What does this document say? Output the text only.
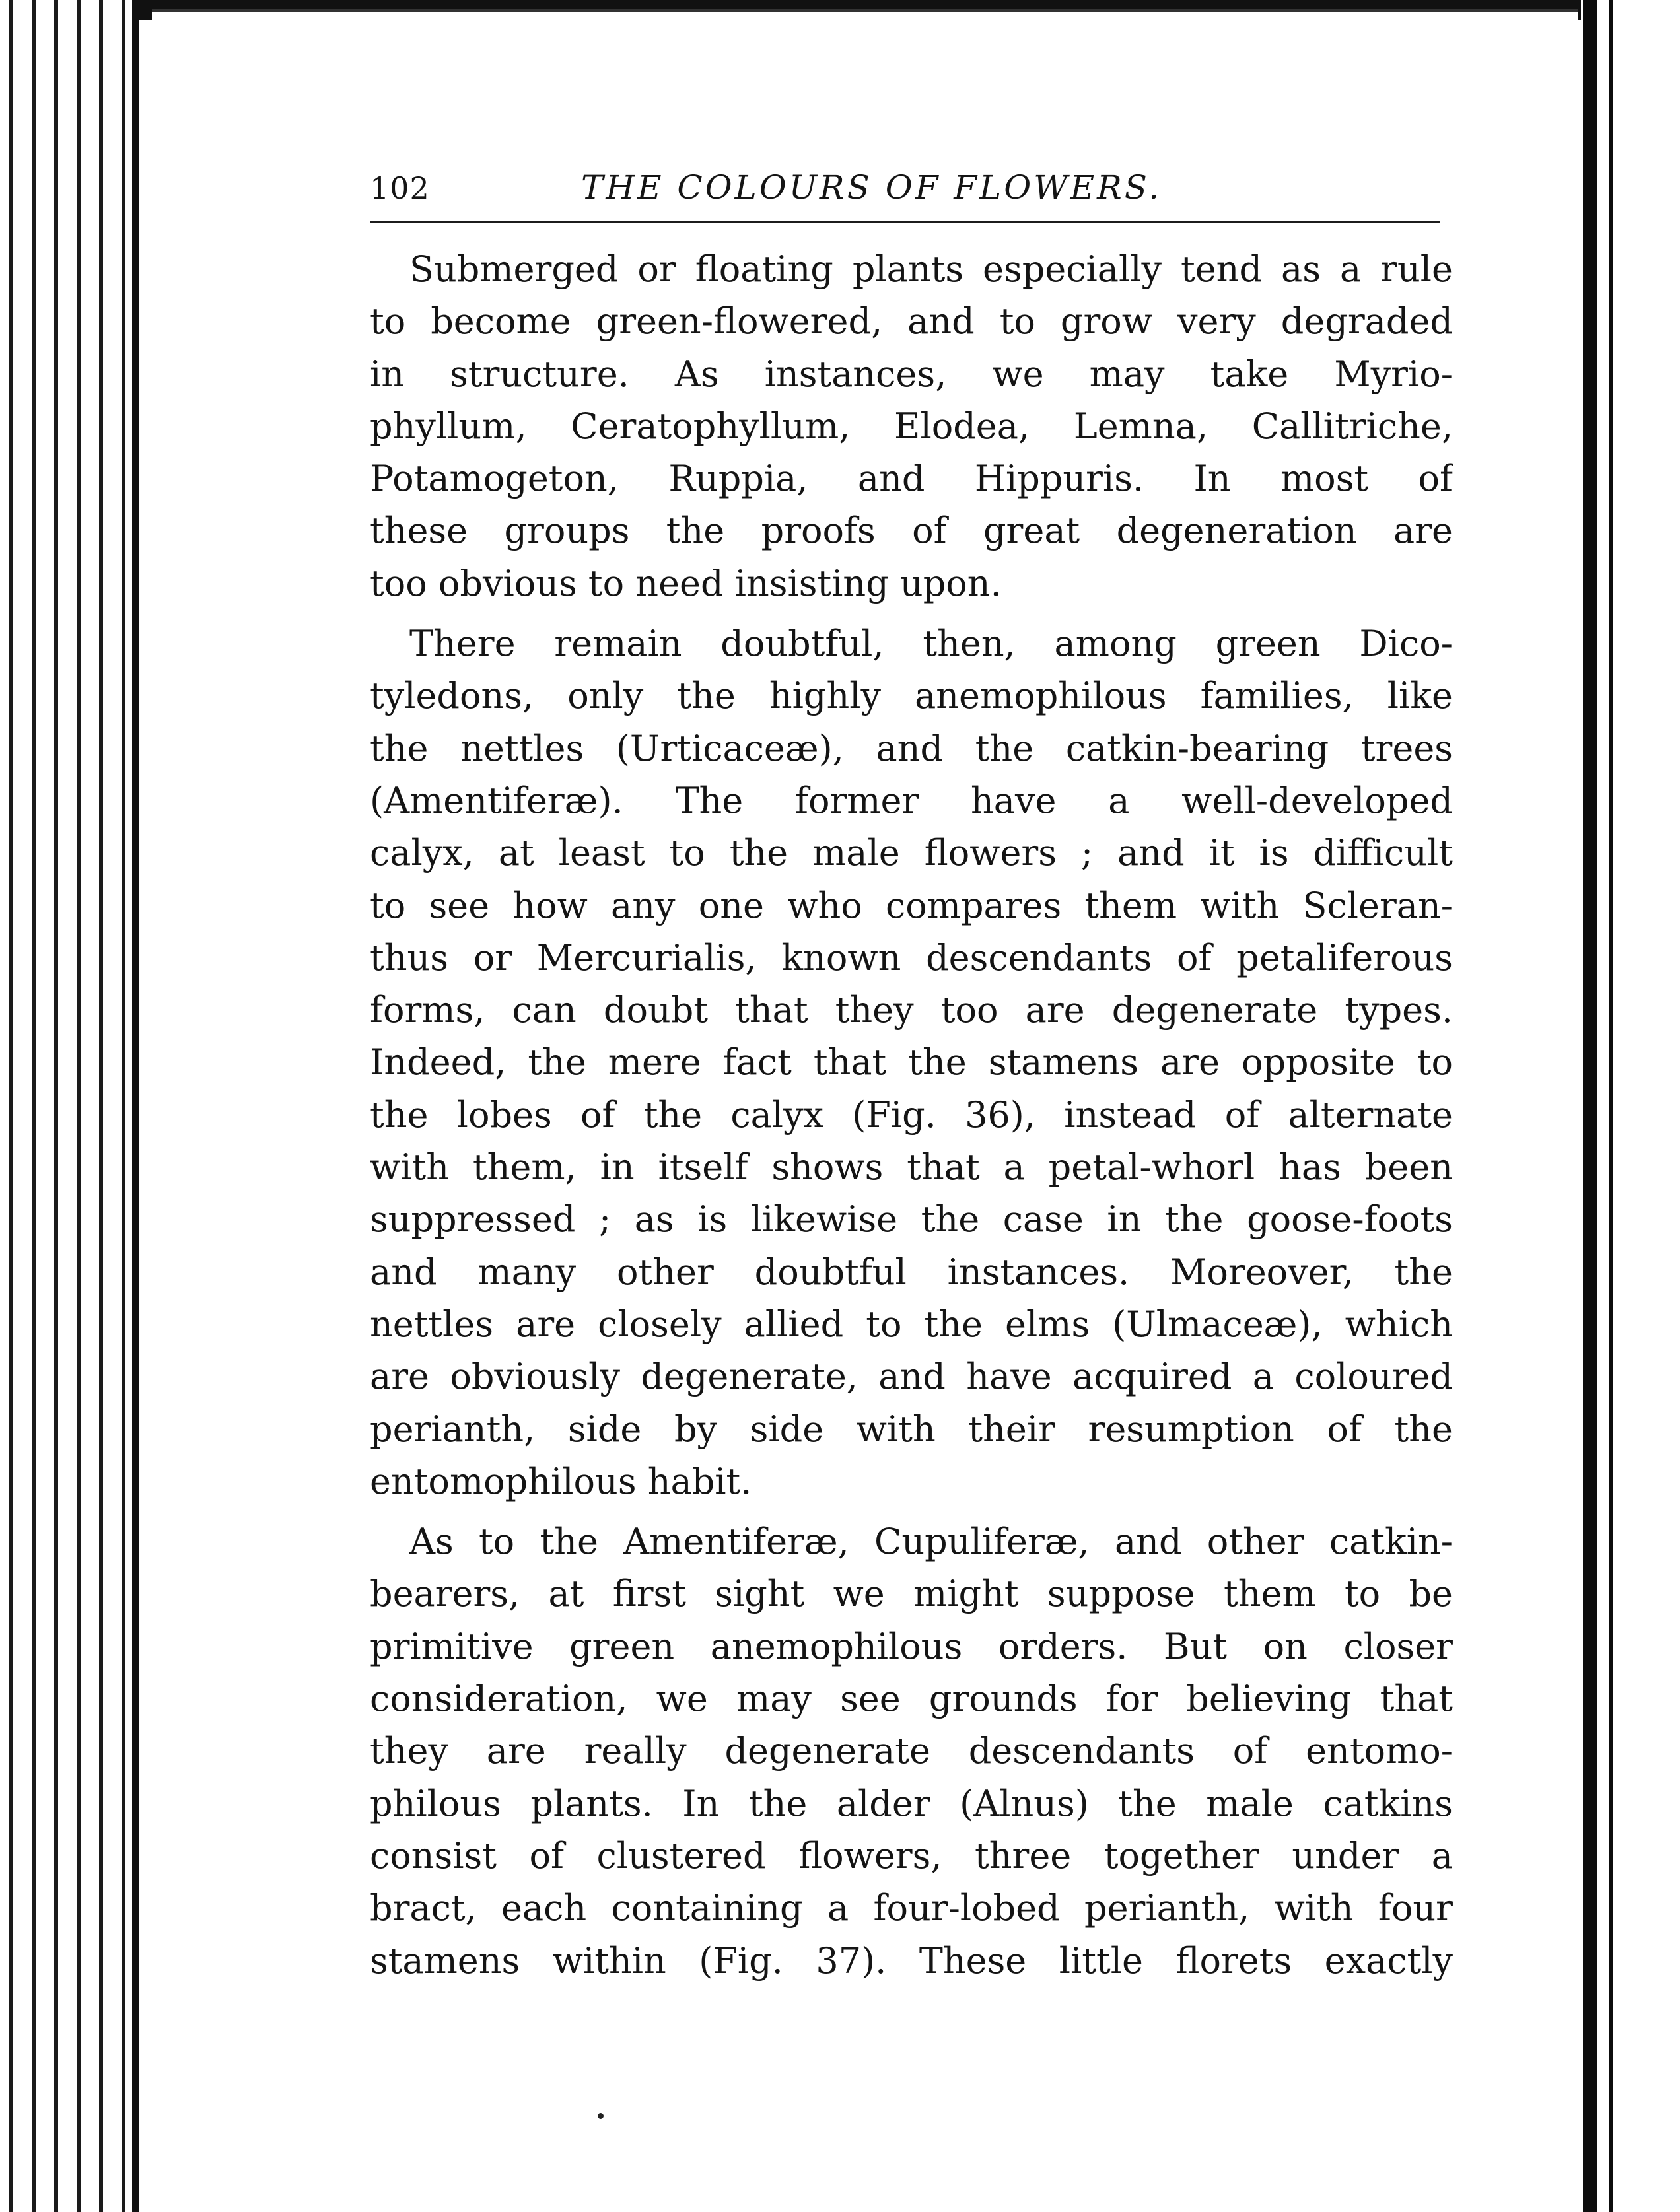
102	THE COLOURS OF FLOWERS.
Submerged or floating plants especially tend as a rule
to become green-flowered, and to grow very degraded
in structure. As instances, we may take Myrio-
phyllum, Ceratophyllum, Elodea, Lemna, Callitriche,
Potamogeton, Ruppia, and Hippuris. In most of
these groups the proofs of great degeneration are
too obvious to need insisting upon.
There remain doubtful, then, among green Dico-
tyledons, only the highly anemophilous families, like
the nettles (Urticaceæ), and the catkin-bearing trees
(Amentiferæ). The former have a well-developed
calyx, at least to the male flowers ; and it is difficult
to see how any one who compares them with Scleran-
thus or Mercurialis, known descendants of petaliferous
forms, can doubt that they too are degenerate types.
Indeed, the mere fact that the stamens are opposite to
the lobes of the calyx (Fig. 36), instead of alternate
with them, in itself shows that a petal-whorl has been
suppressed ; as is likewise the case in the goose-foots
and many other doubtful instances. Moreover, the
nettles are closely allied to the elms (Ulmaceæ), which
are obviously degenerate, and have acquired a coloured
perianth, side by side with their resumption of the
entomophilous habit.
As to the Amentiferæ, Cupuliferæ, and other catkin-
bearers, at first sight we might suppose them to be
primitive green anemophilous orders. But on closer
consideration, we may see grounds for believing that
they are really degenerate descendants of entomo-
philous plants. In the alder (Alnus) the male catkins
consist of clustered flowers, three together under a
bract, each containing a four-lobed perianth, with four
stamens within (Fig. 37). These little florets exactly
